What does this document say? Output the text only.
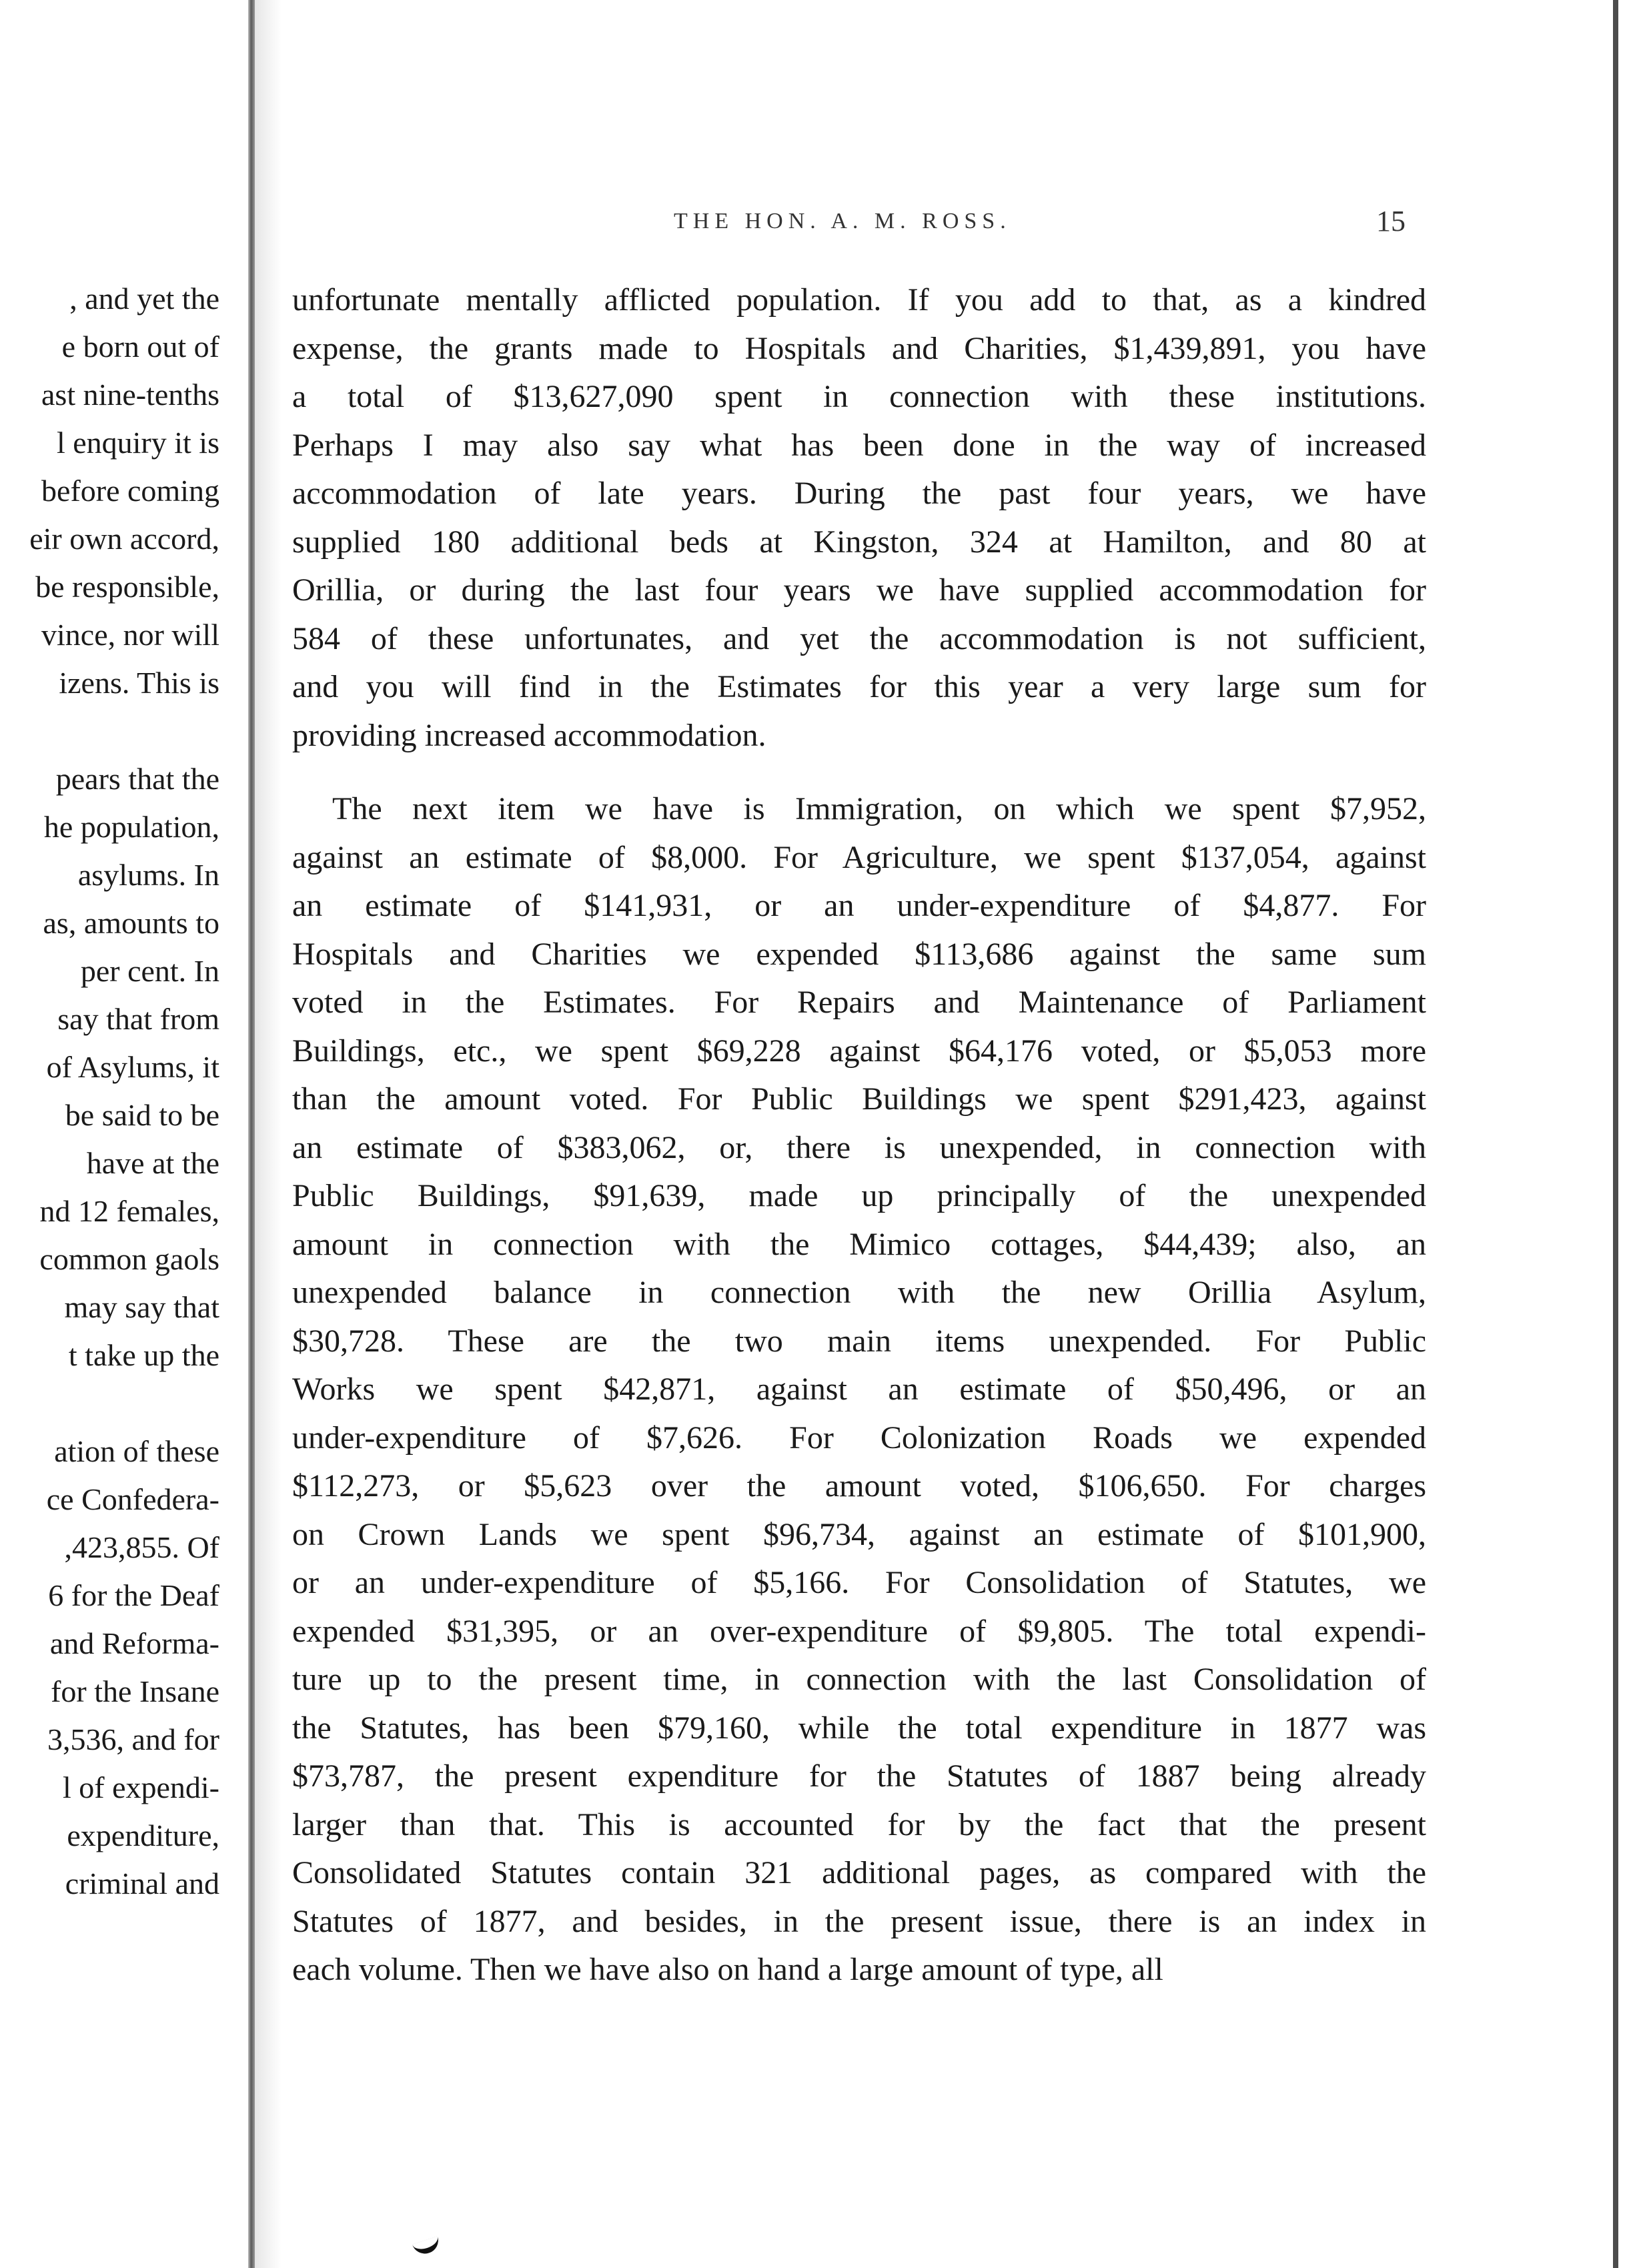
, and yet the
e born out of
ast nine-tenths
l enquiry it is
before coming
eir own accord,
be responsible,
vince, nor will
izens. This is
pears that the
he population,
asylums. In
as, amounts to
per cent. In
say that from
of Asylums, it
be said to be
have at the
nd 12 females,
common gaols
may say that
t take up the
ation of these
ce Confedera-
,423,855. Of
6 for the Deaf
and Reforma-
for the Insane
3,536, and for
l of expendi-
expenditure,
criminal and
THE HON. A. M. ROSS.	15
unfortunate mentally afflicted population. If you add to that, as a kindred
expense, the grants made to Hospitals and Charities, $1,439,891, you have
a total of $13,627,090 spent in connection with these institutions.
Perhaps I may also say what has been done in the way of increased
accommodation of late years. During the past four years, we have
supplied 180 additional beds at Kingston, 324 at Hamilton, and 80 at
Orillia, or during the last four years we have supplied accommodation for
584 of these unfortunates, and yet the accommodation is not sufficient,
and you will find in the Estimates for this year a very large sum for
providing increased accommodation.
The next item we have is Immigration, on which we spent $7,952,
against an estimate of $8,000. For Agriculture, we spent $137,054, against
an estimate of $141,931, or an under-expenditure of $4,877. For
Hospitals and Charities we expended $113,686 against the same sum
voted in the Estimates. For Repairs and Maintenance of Parliament
Buildings, etc., we spent $69,228 against $64,176 voted, or $5,053 more
than the amount voted. For Public Buildings we spent $291,423, against
an estimate of $383,062, or, there is unexpended, in connection with
Public Buildings, $91,639, made up principally of the unexpended
amount in connection with the Mimico cottages, $44,439; also, an
unexpended balance in connection with the new Orillia Asylum,
$30,728. These are the two main items unexpended. For Public
Works we spent $42,871, against an estimate of $50,496, or an
under-expenditure of $7,626. For Colonization Roads we expended
$112,273, or $5,623 over the amount voted, $106,650. For charges
on Crown Lands we spent $96,734, against an estimate of $101,900,
or an under-expenditure of $5,166. For Consolidation of Statutes, we
expended $31,395, or an over-expenditure of $9,805. The total expendi-
ture up to the present time, in connection with the last Consolidation of
the Statutes, has been $79,160, while the total expenditure in 1877 was
$73,787, the present expenditure for the Statutes of 1887 being already
larger than that. This is accounted for by the fact that the present
Consolidated Statutes contain 321 additional pages, as compared with the
Statutes of 1877, and besides, in the present issue, there is an index in
each volume. Then we have also on hand a large amount of type, all
